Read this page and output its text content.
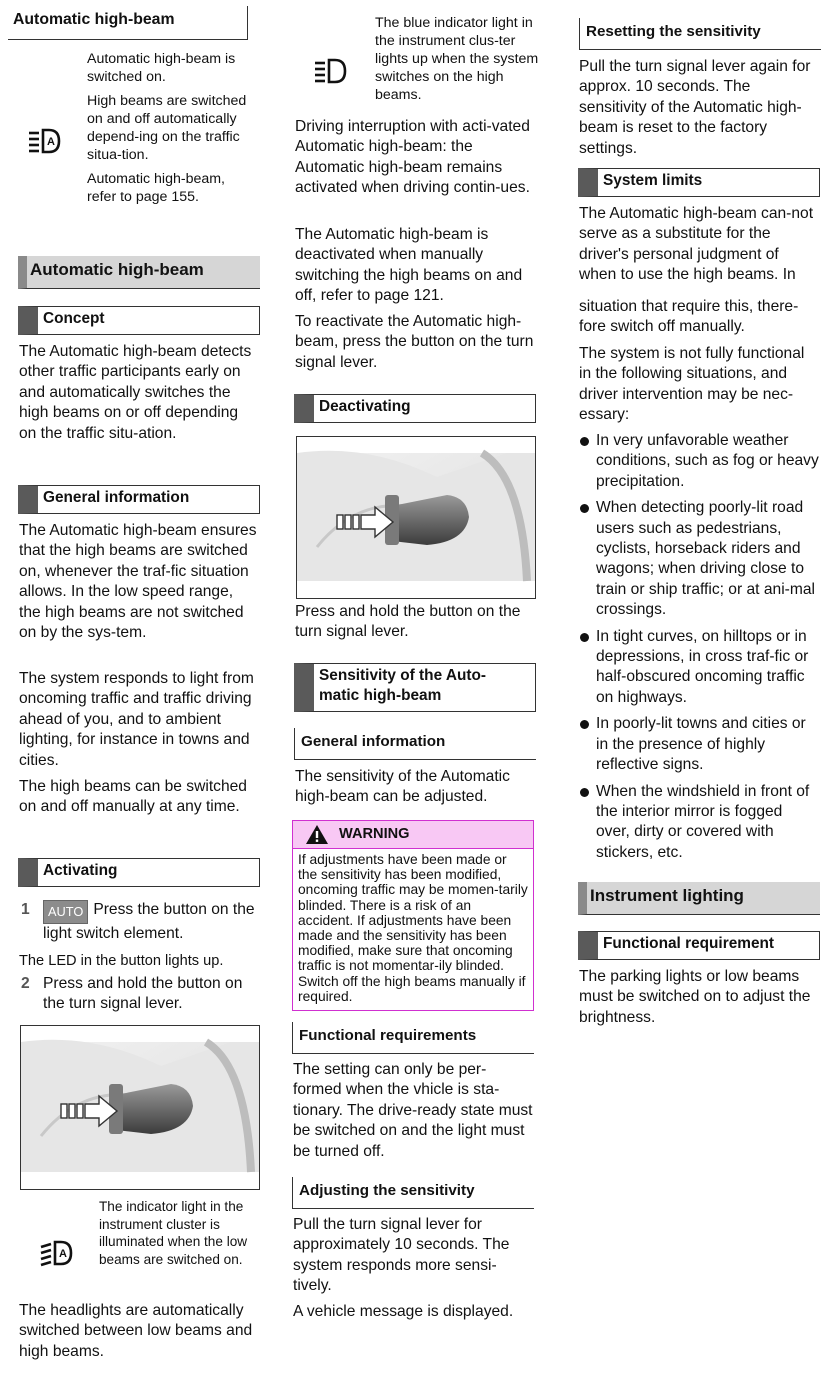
Automatic high-beam
A

Automatic high-beam is switched on.

High beams are switched on and off automatically depend-ing on the traffic situa-tion.

Automatic high-beam, refer to page 155.

Automatic high-beam
Concept

The Automatic high-beam detects other traffic participants early on and automatically switches the high beams on or off depending on the traffic situ-ation.

General information

The Automatic high-beam ensures that the high beams are switched on, whenever the traf-fic situation allows. In the low speed range, the high beams are not switched on by the sys-tem.

The system responds to light from oncoming traffic and traffic driving ahead of you, and to ambient lighting, for instance in towns and cities.

The high beams can be switched on and off manually at any time.

Activating
1	AUTO Press the button on the light switch element.

The LED in the button lights up.

2 Press and hold the button on the turn signal lever.
A

The indicator light in the instrument cluster is illuminated when the low beams are switched on.

The headlights are automatically switched between low beams and high beams.

The blue indicator light in the instrument clus-ter lights up when the system switches on the high beams.

Driving interruption with acti-vated Automatic high-beam: the Automatic high-beam remains activated when driving contin-ues.

The Automatic high-beam is deactivated when manually switching the high beams on and off, refer to page 121.

To reactivate the Automatic high-beam, press the button on the turn signal lever.

Deactivating

Press and hold the button on the turn signal lever.

Sensitivity of the Auto-
matic high-beam
General information

The sensitivity of the Automatic high-beam can be adjusted.

WARNING

If adjustments have been made or the sensitivity has been modified, oncoming traffic may be momen-tarily blinded. There is a risk of an accident. If adjustments have been made and the sensitivity has been modified, make sure that oncoming traffic is not momentar-ily blinded. Switch off the high beams manually if required.

Functional requirements

The setting can only be per-formed when the vhicle is sta-tionary. The drive-ready state must be switched on and the light must be turned off.

Adjusting the sensitivity

Pull the turn signal lever for approximately 10 seconds. The system responds more sensi-tively.

A vehicle message is displayed.

Resetting the sensitivity

Pull the turn signal lever again for approx. 10 seconds. The sensitivity of the Automatic high-beam is reset to the factory settings.

System limits

The Automatic high-beam can-not serve as a substitute for the driver's personal judgment of when to use the high beams. In

situation that require this, there-fore switch off manually.

The system is not fully functional in the following situations, and driver intervention may be nec-essary:

In very unfavorable weather conditions, such as fog or heavy precipitation.
When detecting poorly-lit road users such as pedestrians, cyclists, horseback riders and wagons; when driving close to train or ship traffic; or at ani-mal crossings.
In tight curves, on hilltops or in depressions, in cross traf-fic or half-obscured oncoming traffic on highways.
In poorly-lit towns and cities or in the presence of highly reflective signs.
When the windshield in front of the interior mirror is fogged over, dirty or covered with stickers, etc.
Instrument lighting
Functional requirement

The parking lights or low beams must be switched on to adjust the brightness.
